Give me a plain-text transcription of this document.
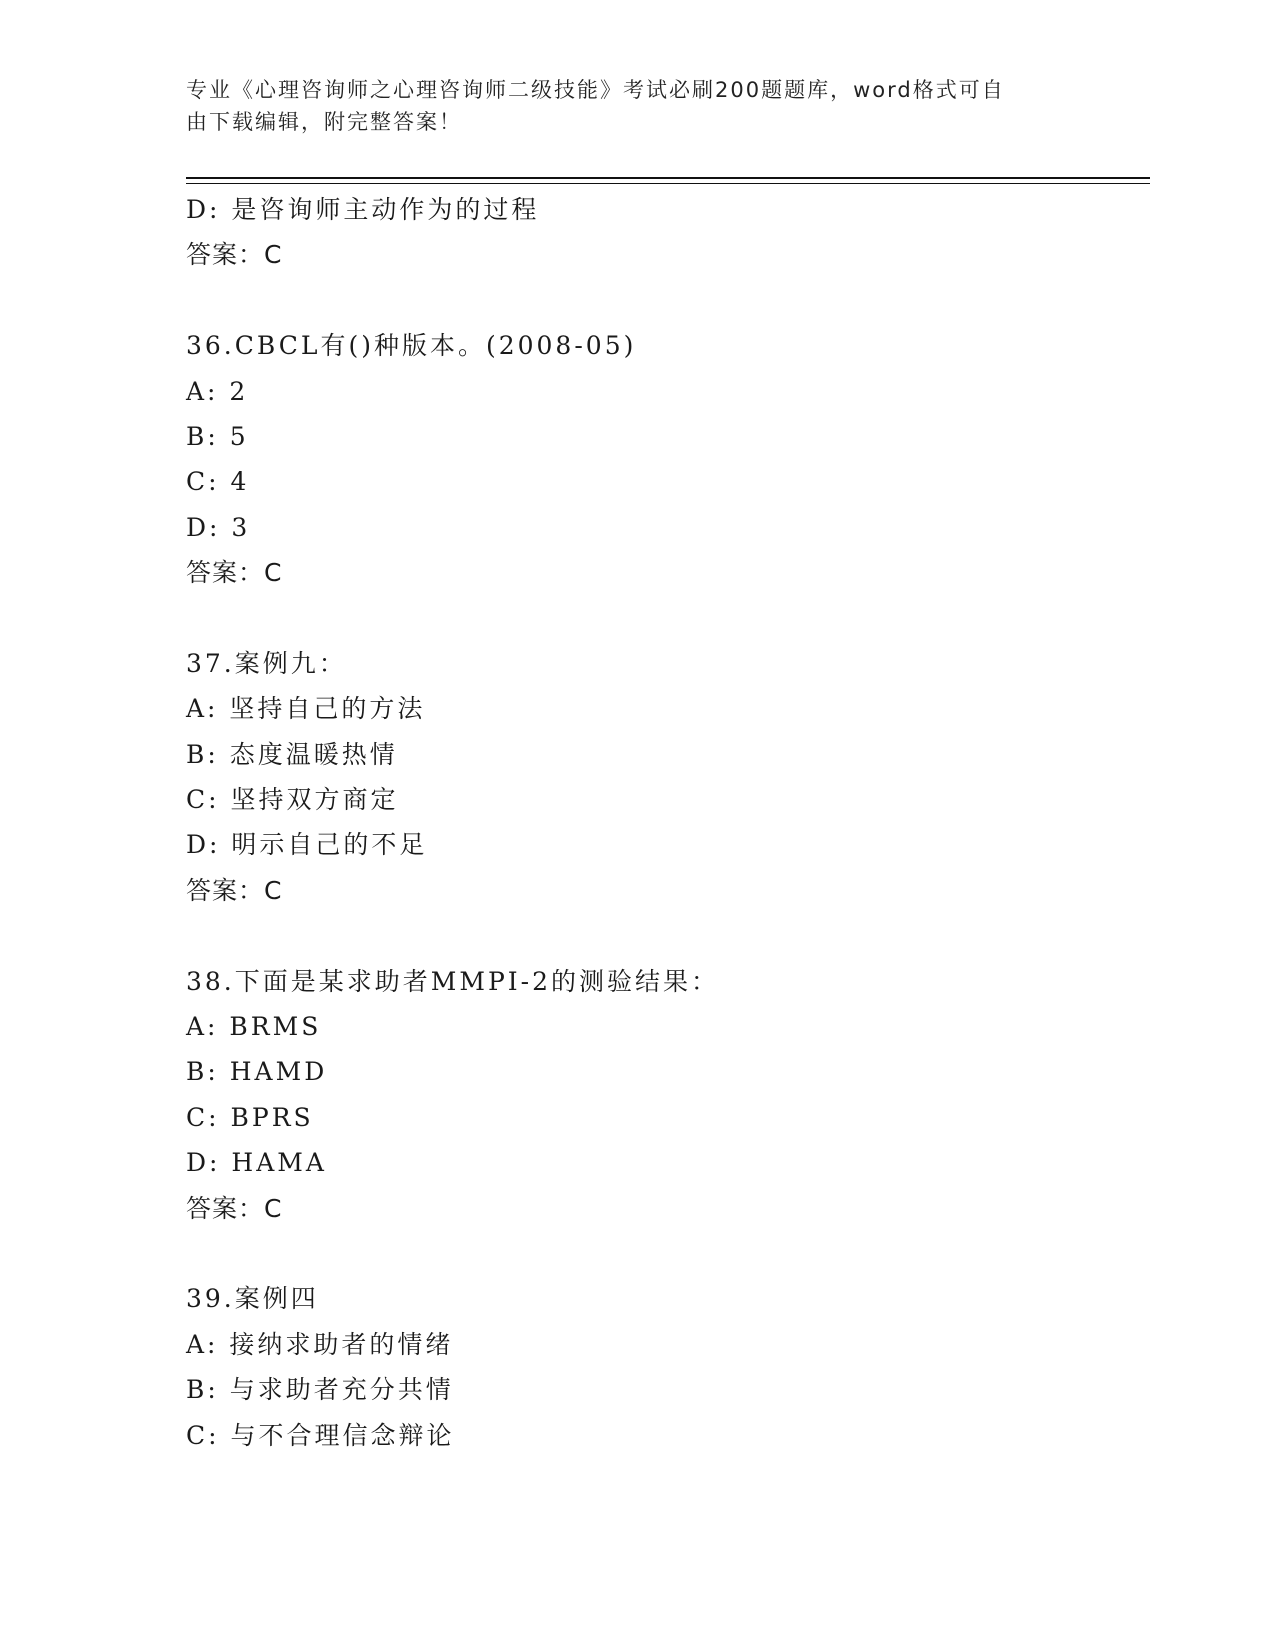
专业《心理咨询师之心理咨询师二级技能》考试必刷200题题库，word格式可自
由下载编辑，附完整答案！
D: 是咨询师主动作为的过程
答案：C
36.CBCL有()种版本。(2008-05)
A: 2
B: 5
C: 4
D: 3
答案：C
37.案例九：
A: 坚持自己的方法
B: 态度温暖热情
C: 坚持双方商定
D: 明示自己的不足
答案：C
38.下面是某求助者MMPI-2的测验结果：
A: BRMS
B: HAMD
C: BPRS
D: HAMA
答案：C
39.案例四
A: 接纳求助者的情绪
B: 与求助者充分共情
C: 与不合理信念辩论
